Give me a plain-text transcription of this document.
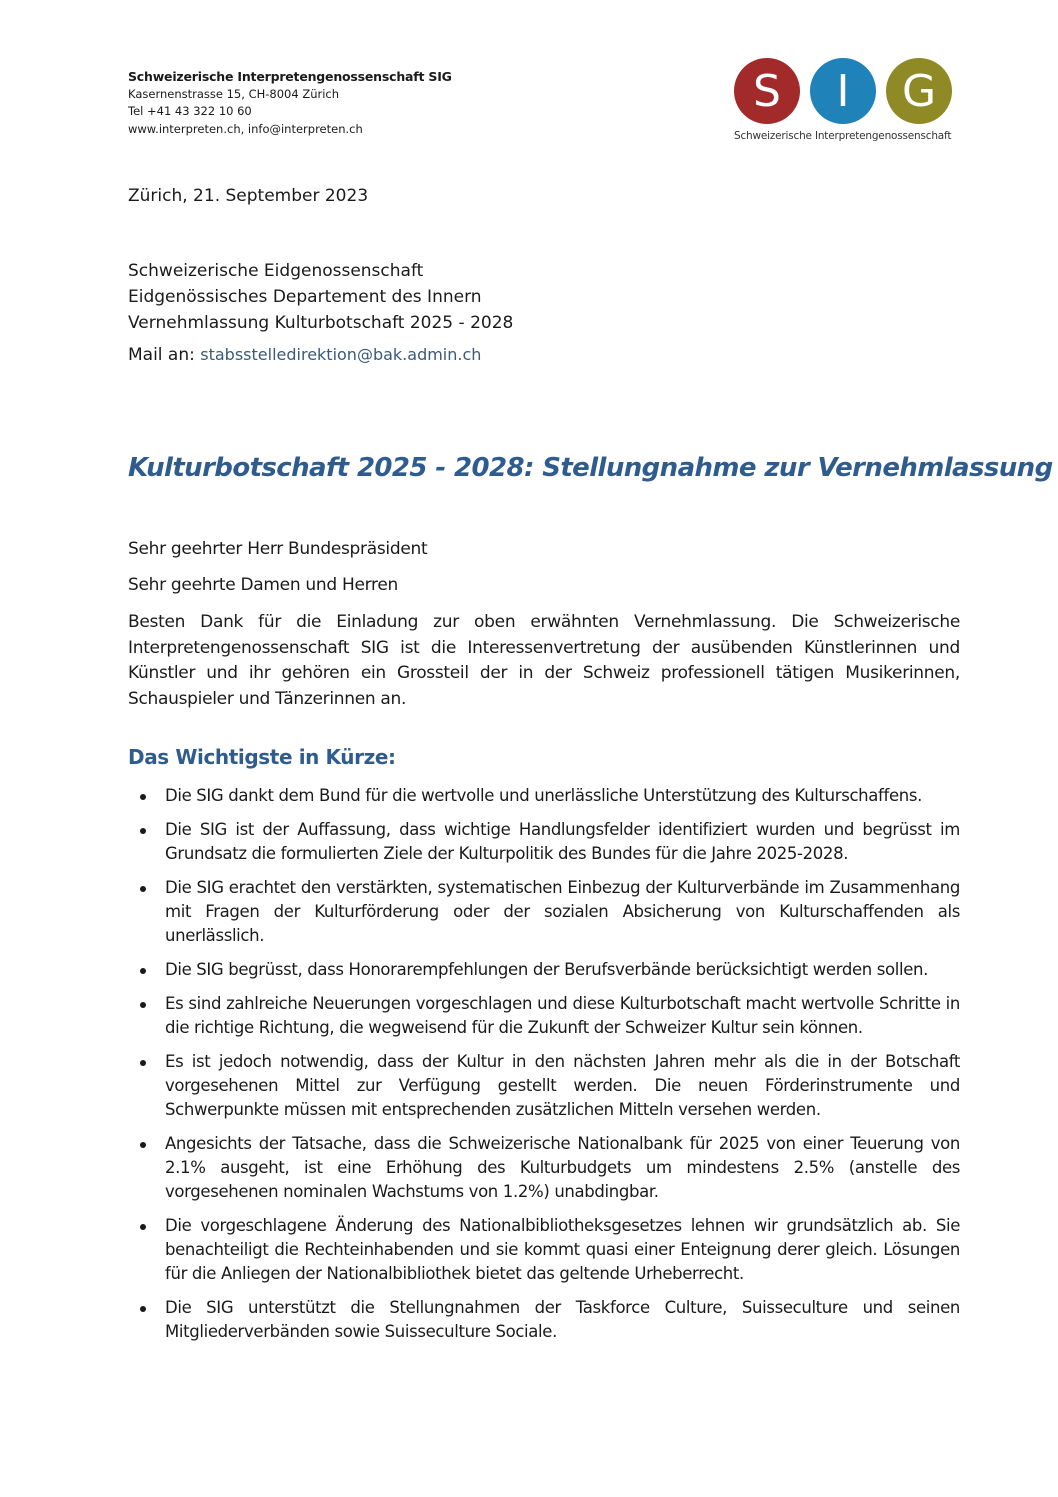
Schweizerische Interpretengenossenschaft SIG
Kasernenstrasse 15, CH-8004 Zürich
Tel +41 43 322 10 60
www.interpreten.ch, info@interpreten.ch
S	I	G
Schweizerische Interpretengenossenschaft
Zürich, 21. September 2023
Schweizerische Eidgenossenschaft
Eidgenössisches Departement des Innern
Vernehmlassung Kulturbotschaft 2025 - 2028
Mail an: stabsstelledirektion@bak.admin.ch
Kulturbotschaft 2025 - 2028: Stellungnahme zur Vernehmlassung
Sehr geehrter Herr Bundespräsident
Sehr geehrte Damen und Herren
Besten Dank für die Einladung zur oben erwähnten Vernehmlassung. Die Schweizerische Interpretengenossenschaft SIG ist die Interessenvertretung der ausübenden Künstlerinnen und Künstler und ihr gehören ein Grossteil der in der Schweiz professionell tätigen Musikerinnen, Schauspieler und Tänzerinnen an.
Das Wichtigste in Kürze:
Die SIG dankt dem Bund für die wertvolle und unerlässliche Unterstützung des Kulturschaffens.
Die SIG ist der Auffassung, dass wichtige Handlungsfelder identifiziert wurden und begrüsst im Grundsatz die formulierten Ziele der Kulturpolitik des Bundes für die Jahre 2025-2028.
Die SIG erachtet den verstärkten, systematischen Einbezug der Kulturverbände im Zusammenhang mit Fragen der Kulturförderung oder der sozialen Absicherung von Kulturschaffenden als unerlässlich.
Die SIG begrüsst, dass Honorarempfehlungen der Berufsverbände berücksichtigt werden sollen.
Es sind zahlreiche Neuerungen vorgeschlagen und diese Kulturbotschaft macht wertvolle Schritte in die richtige Richtung, die wegweisend für die Zukunft der Schweizer Kultur sein können.
Es ist jedoch notwendig, dass der Kultur in den nächsten Jahren mehr als die in der Botschaft vorgesehenen Mittel zur Verfügung gestellt werden. Die neuen Förderinstrumente und Schwerpunkte müssen mit entsprechenden zusätzlichen Mitteln versehen werden.
Angesichts der Tatsache, dass die Schweizerische Nationalbank für 2025 von einer Teuerung von 2.1% ausgeht, ist eine Erhöhung des Kulturbudgets um mindestens 2.5% (anstelle des vorgesehenen nominalen Wachstums von 1.2%) unabdingbar.
Die vorgeschlagene Änderung des Nationalbibliotheksgesetzes lehnen wir grundsätzlich ab. Sie benachteiligt die Rechteinhabenden und sie kommt quasi einer Enteignung derer gleich. Lösungen für die Anliegen der Nationalbibliothek bietet das geltende Urheberrecht.
Die SIG unterstützt die Stellungnahmen der Taskforce Culture, Suisseculture und seinen Mitgliederverbänden sowie Suisseculture Sociale.
